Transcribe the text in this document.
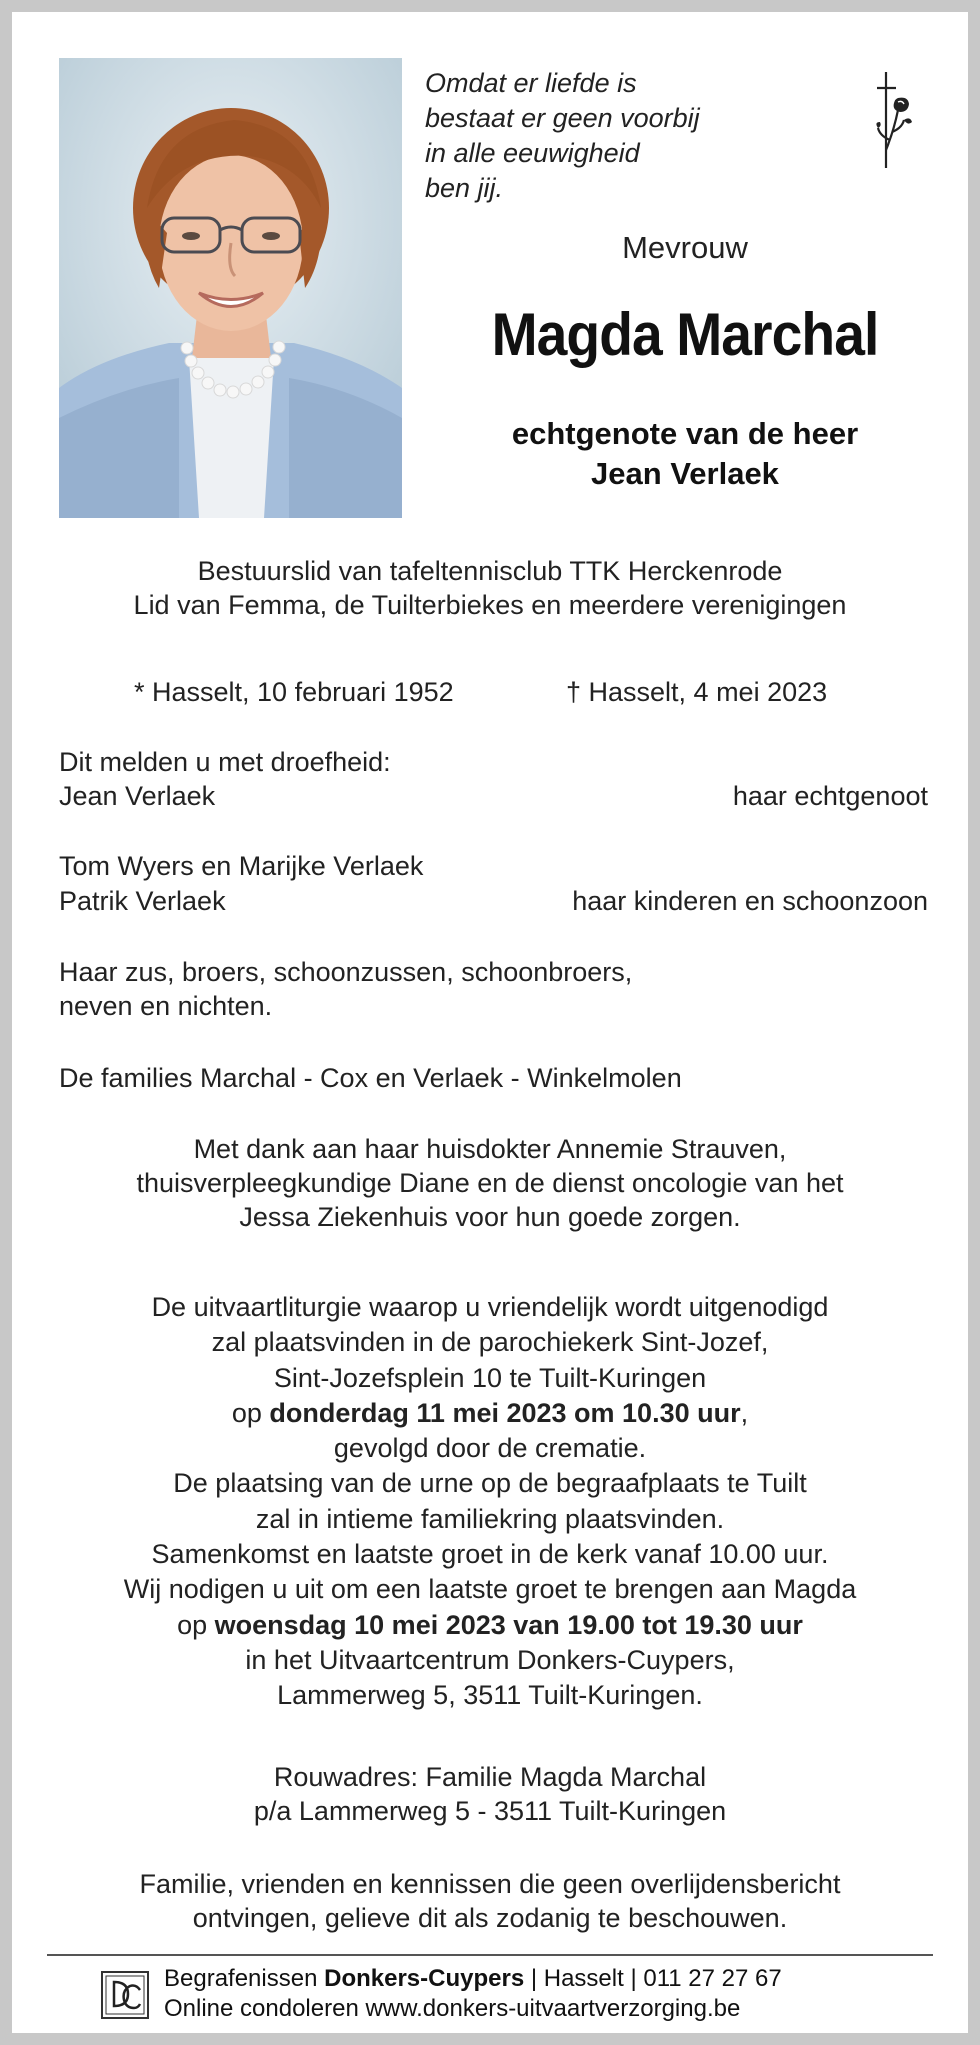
Omdat er liefde is
bestaat er geen voorbij
in alle eeuwigheid
ben jij.
Mevrouw
Magda Marchal
echtgenote van de heer
Jean Verlaek
Bestuurslid van tafeltennisclub TTK Herckenrode
Lid van Femma, de Tuilterbiekes en meerdere verenigingen
* Hasselt, 10 februari 1952	† Hasselt, 4 mei 2023
Dit melden u met droefheid:
Jean Verlaek	haar echtgenoot
Tom Wyers en Marijke Verlaek
Patrik Verlaek	haar kinderen en schoonzoon
Haar zus, broers, schoonzussen, schoonbroers,
neven en nichten.
De families Marchal - Cox en Verlaek - Winkelmolen
Met dank aan haar huisdokter Annemie Strauven,
thuisverpleegkundige Diane en de dienst oncologie van het
Jessa Ziekenhuis voor hun goede zorgen.
De uitvaartliturgie waarop u vriendelijk wordt uitgenodigd
zal plaatsvinden in de parochiekerk Sint-Jozef,
Sint-Jozefsplein 10 te Tuilt-Kuringen
op donderdag 11 mei 2023 om 10.30 uur,
gevolgd door de crematie.
De plaatsing van de urne op de begraafplaats te Tuilt
zal in intieme familiekring plaatsvinden.
Samenkomst en laatste groet in de kerk vanaf 10.00 uur.
Wij nodigen u uit om een laatste groet te brengen aan Magda
op woensdag 10 mei 2023 van 19.00 tot 19.30 uur
in het Uitvaartcentrum Donkers-Cuypers,
Lammerweg 5, 3511 Tuilt-Kuringen.
Rouwadres: Familie Magda Marchal
p/a Lammerweg 5 - 3511 Tuilt-Kuringen
Familie, vrienden en kennissen die geen overlijdensbericht
ontvingen, gelieve dit als zodanig te beschouwen.
Begrafenissen Donkers-Cuypers | Hasselt | 011 27 27 67
Online condoleren www.donkers-uitvaartverzorging.be
